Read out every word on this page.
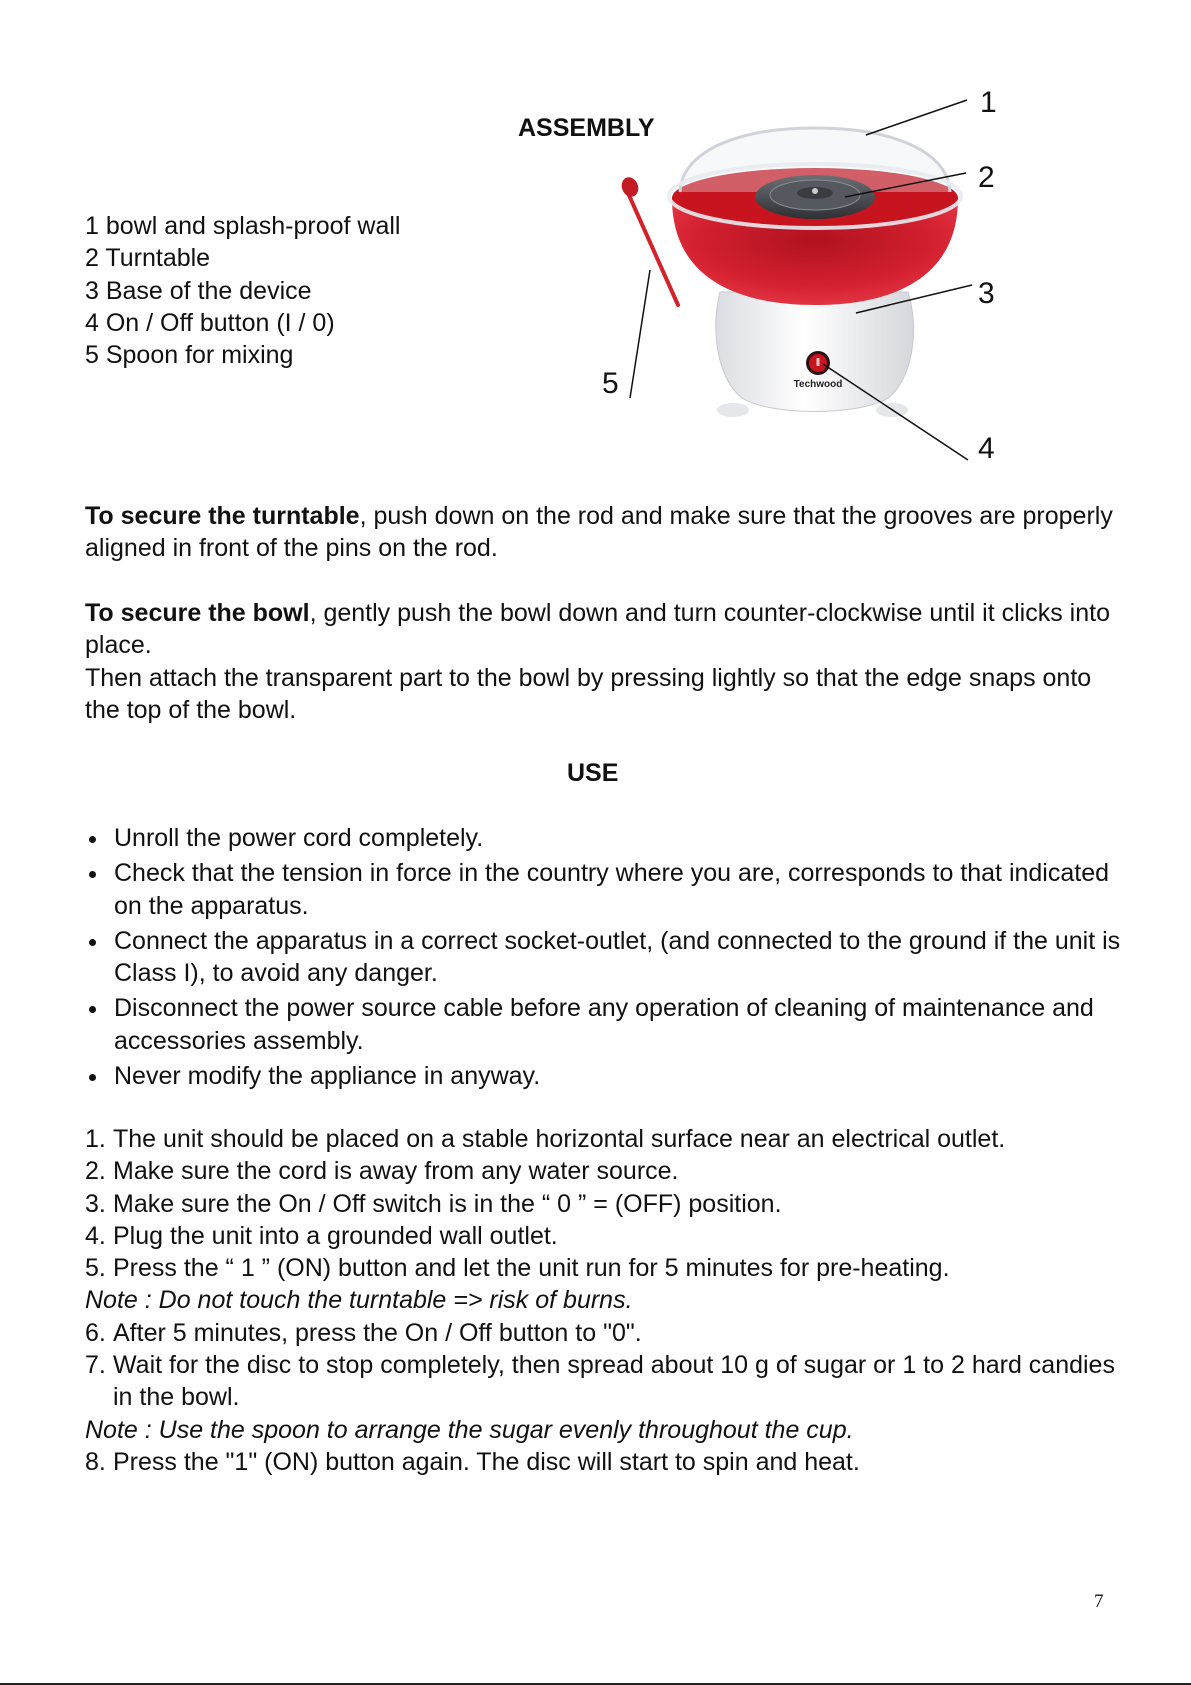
ASSEMBLY
1 bowl and splash-proof wall
2 Turntable
3 Base of the device
4 On / Off button (I / 0)
5 Spoon for mixing
Techwood
1
2
3
4
5
To secure the turntable, push down on the rod and make sure that the grooves are properly aligned in front of the pins on the rod.
To secure the bowl, gently push the bowl down and turn counter-clockwise until it clicks into place.
Then attach the transparent part to the bowl by pressing lightly so that the edge snaps onto the top of the bowl.
USE
Unroll the power cord completely.
Check that the tension in force in the country where you are, corresponds to that indicated on the apparatus.
Connect the apparatus in a correct socket-outlet, (and connected to the ground if the unit is Class I), to avoid any danger.
Disconnect the power source cable before any operation of cleaning of maintenance and accessories assembly.
Never modify the appliance in anyway.
1. The unit should be placed on a stable horizontal surface near an electrical outlet.
2. Make sure the cord is away from any water source.
3. Make sure the On / Off switch is in the “ 0 ” = (OFF) position.
4. Plug the unit into a grounded wall outlet.
5. Press the “ 1 ” (ON) button and let the unit run for 5 minutes for pre-heating.
Note : Do not touch the turntable => risk of burns.
6. After 5 minutes, press the On / Off button to "0".
7. Wait for the disc to stop completely, then spread about 10 g of sugar or 1 to 2 hard candies in the bowl.
Note : Use the spoon to arrange the sugar evenly throughout the cup.
8. Press the "1" (ON) button again. The disc will start to spin and heat.
7
